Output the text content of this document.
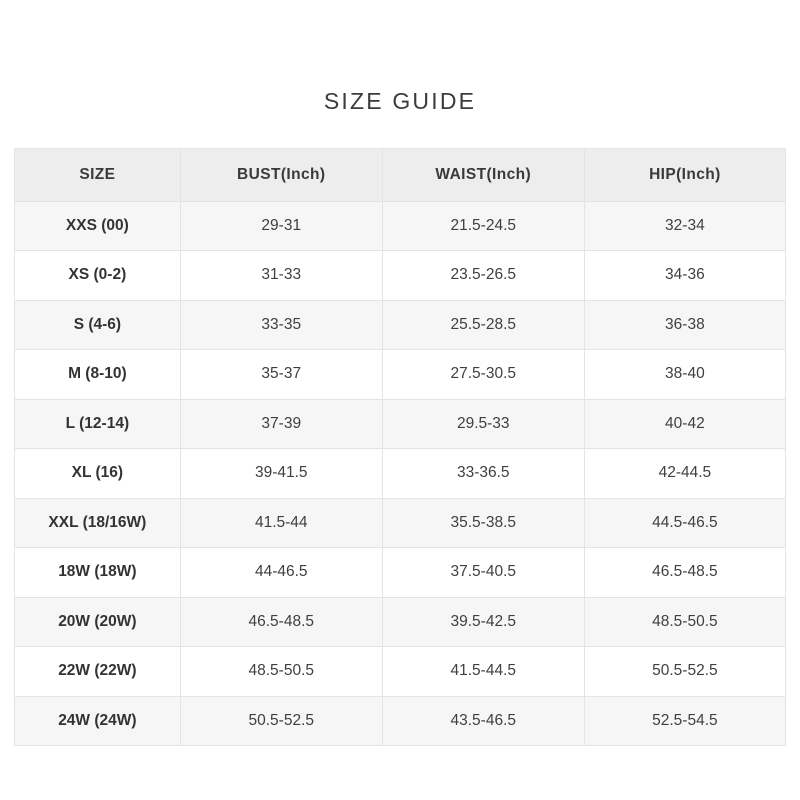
SIZE GUIDE
SIZE	BUST(Inch)	WAIST(Inch)	HIP(Inch)
XXS (00)	29-31	21.5-24.5	32-34
XS (0-2)	31-33	23.5-26.5	34-36
S (4-6)	33-35	25.5-28.5	36-38
M (8-10)	35-37	27.5-30.5	38-40
L (12-14)	37-39	29.5-33	40-42
XL (16)	39-41.5	33-36.5	42-44.5
XXL (18/16W)	41.5-44	35.5-38.5	44.5-46.5
18W (18W)	44-46.5	37.5-40.5	46.5-48.5
20W (20W)	46.5-48.5	39.5-42.5	48.5-50.5
22W (22W)	48.5-50.5	41.5-44.5	50.5-52.5
24W (24W)	50.5-52.5	43.5-46.5	52.5-54.5
